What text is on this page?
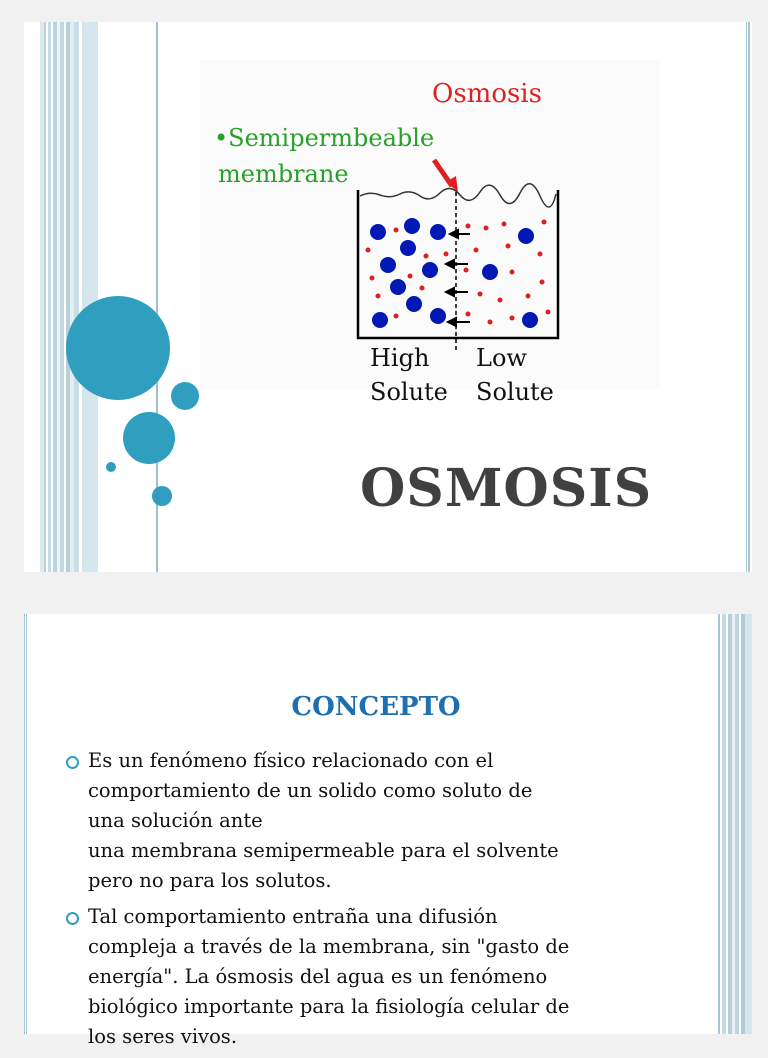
Osmosis
•Semipermbeable
membrane
High
Solute
Low
Solute
OSMOSIS
CONCEPTO
Es un fenómeno físico relacionado con el
comportamiento de un solido como soluto de
una solución ante
una membrana semipermeable para el solvente
pero no para los solutos.
Tal comportamiento entraña una difusión
compleja a través de la membrana, sin "gasto de
energía". La ósmosis del agua es un fenómeno
biológico importante para la fisiología celular de
los seres vivos.
